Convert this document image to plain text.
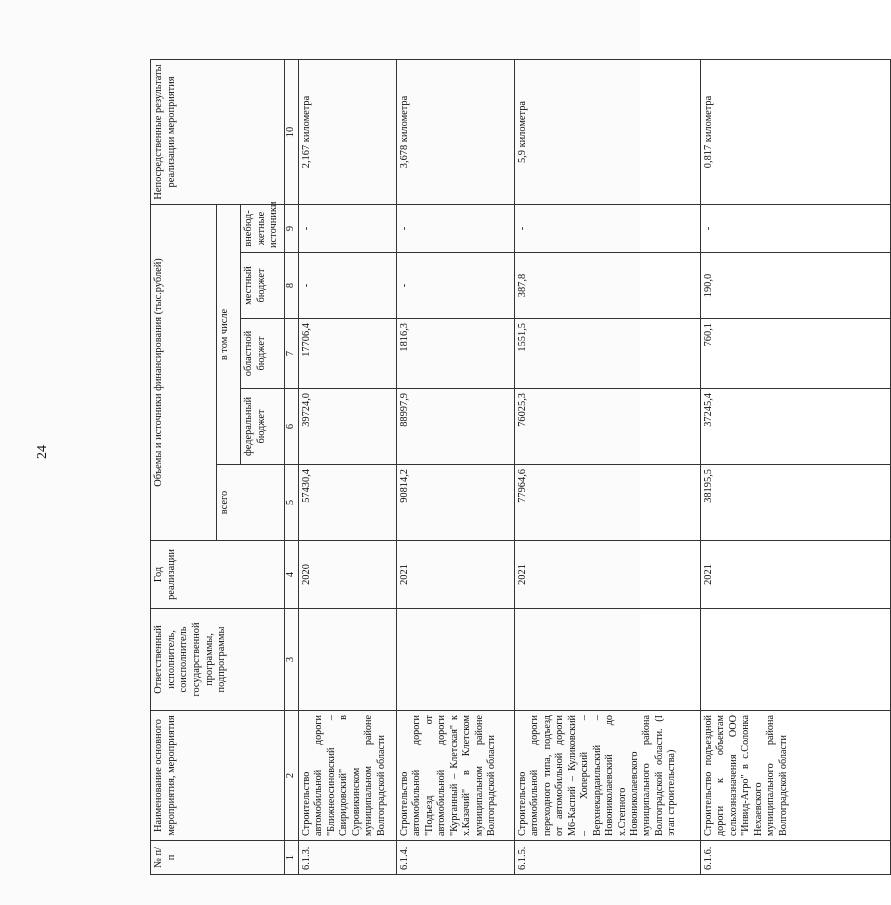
24
№ п/п	Наименование основного мероприятия, мероприятия	Ответственный исполнитель, соисполнитель государственной программы, подпрограммы	Год реализации	Объемы и источники финансирования (тыс.рублей)					Непосредственные результаты реализации мероприятия
				всего	в том числе				
					федеральный бюджет	областной бюджет	местный бюджет	внебюд-жетные источники	
1	2	3	4	5	6	7	8	9	10
6.1.3.	Строительство автомобильной дороги "Ближнеосиновский – Свиридовский" в Суровикинском муниципальном районе Волгоградской области		2020	57430,4	39724,0	17706,4	-	-	2,167 километра
6.1.4.	Строительство автомобильной дороги "Подъезд от автомобильной дороги "Курганный – Клетская" к х.Казачий" в Клетском муниципальном районе Волгоградской области		2021	90814,2	88997,9	1816,3	-	-	3,678 километра
6.1.5.	Строительство автомобильной дороги переходного типа, подъезд от автомобильной дороги М6-Каспий – Куликовский – Хоперский – Верхнекардаильский – Новониколаевский до х.Степного Новониколаевского муниципального района Волгоградской области. (I этап строительства)		2021	77964,6	76025,3	1551,5	387,8	-	5,9 километра
6.1.6.	Строительство подъездной дороги к объектам сельхозназначения ООО "Инвид-Агро" в с.Солонка Нехаевского муниципального района Волгоградской области		2021	38195,5	37245,4	760,1	190,0	-	0,817 километра
